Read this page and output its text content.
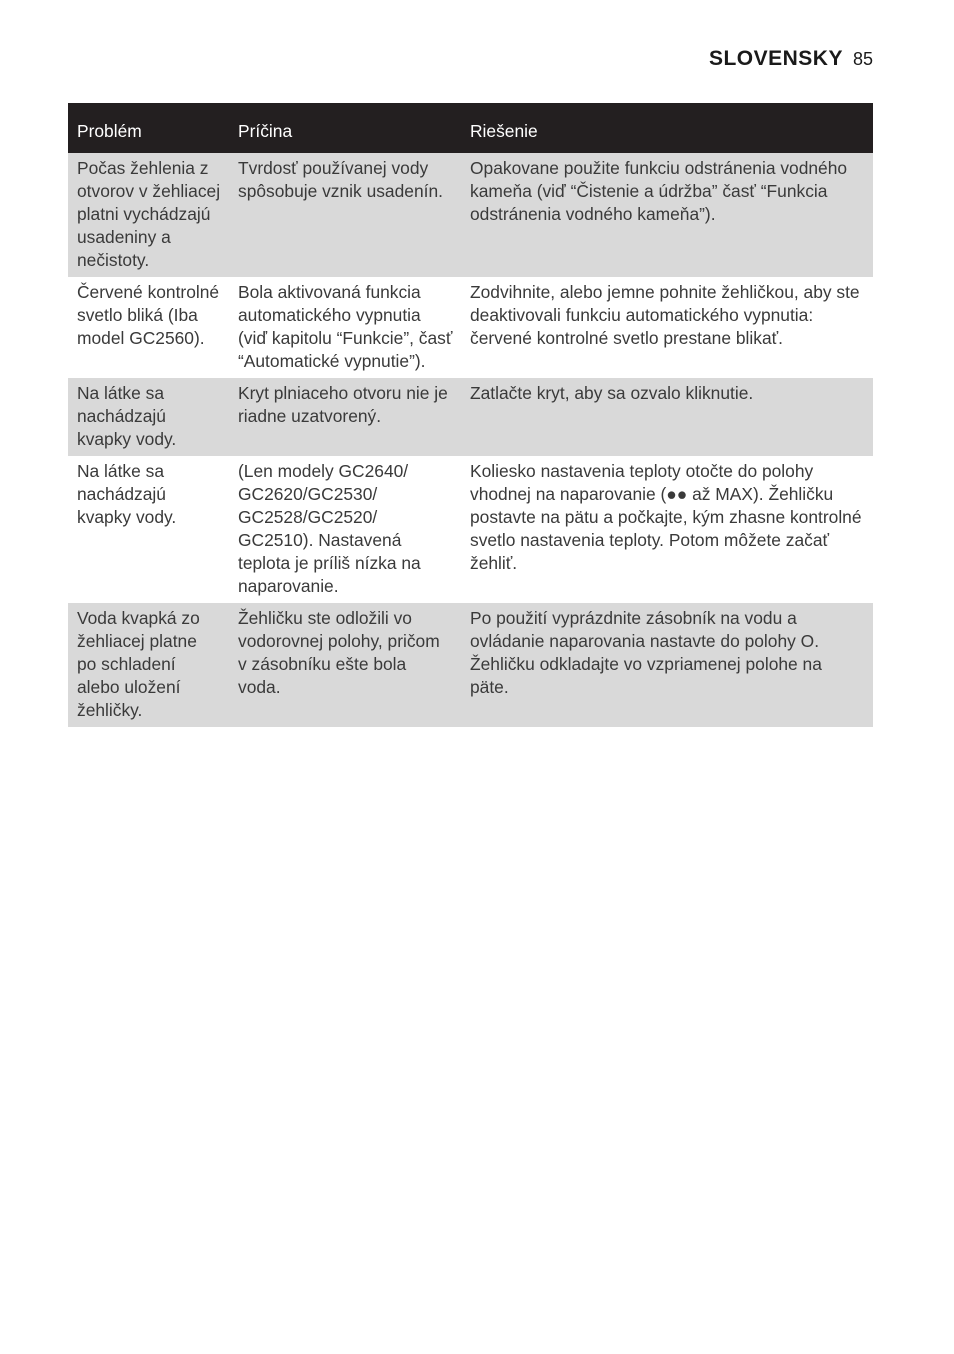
SLOVENSKY 85
Problém	Príčina	Riešenie
Počas žehlenia z otvorov v žehliacej platni vychádzajú usadeniny a nečistoty.	Tvrdosť používanej vody spôsobuje vznik usadenín.	Opakovane použite funkciu odstránenia vodného kameňa (viď “Čistenie a údržba” časť “Funkcia odstránenia vodného kameňa”).
Červené kontrolné svetlo bliká (Iba model GC2560).	Bola aktivovaná funkcia automatického vypnutia (viď kapitolu “Funkcie”, časť “Automatické vypnutie”).	Zodvihnite, alebo jemne pohnite žehličkou, aby ste deaktivovali funkciu automatického vypnutia: červené kontrolné svetlo prestane blikať.
Na látke sa nachádzajú kvapky vody.	Kryt plniaceho otvoru nie je riadne uzatvorený.	Zatlačte kryt, aby sa ozvalo kliknutie.
Na látke sa nachádzajú kvapky vody.	(Len modely GC2640/ GC2620/GC2530/ GC2528/GC2520/ GC2510). Nastavená teplota je príliš nízka na naparovanie.	Koliesko nastavenia teploty otočte do polohy vhodnej na naparovanie (●● až MAX). Žehličku postavte na pätu a počkajte, kým zhasne kontrolné svetlo nastavenia teploty. Potom môžete začať žehliť.
Voda kvapká zo žehliacej platne po schladení alebo uložení žehličky.	Žehličku ste odložili vo vodorovnej polohy, pričom v zásobníku ešte bola voda.	Po použití vyprázdnite zásobník na vodu a ovládanie naparovania nastavte do polohy O. Žehličku odkladajte vo vzpriamenej polohe na päte.
